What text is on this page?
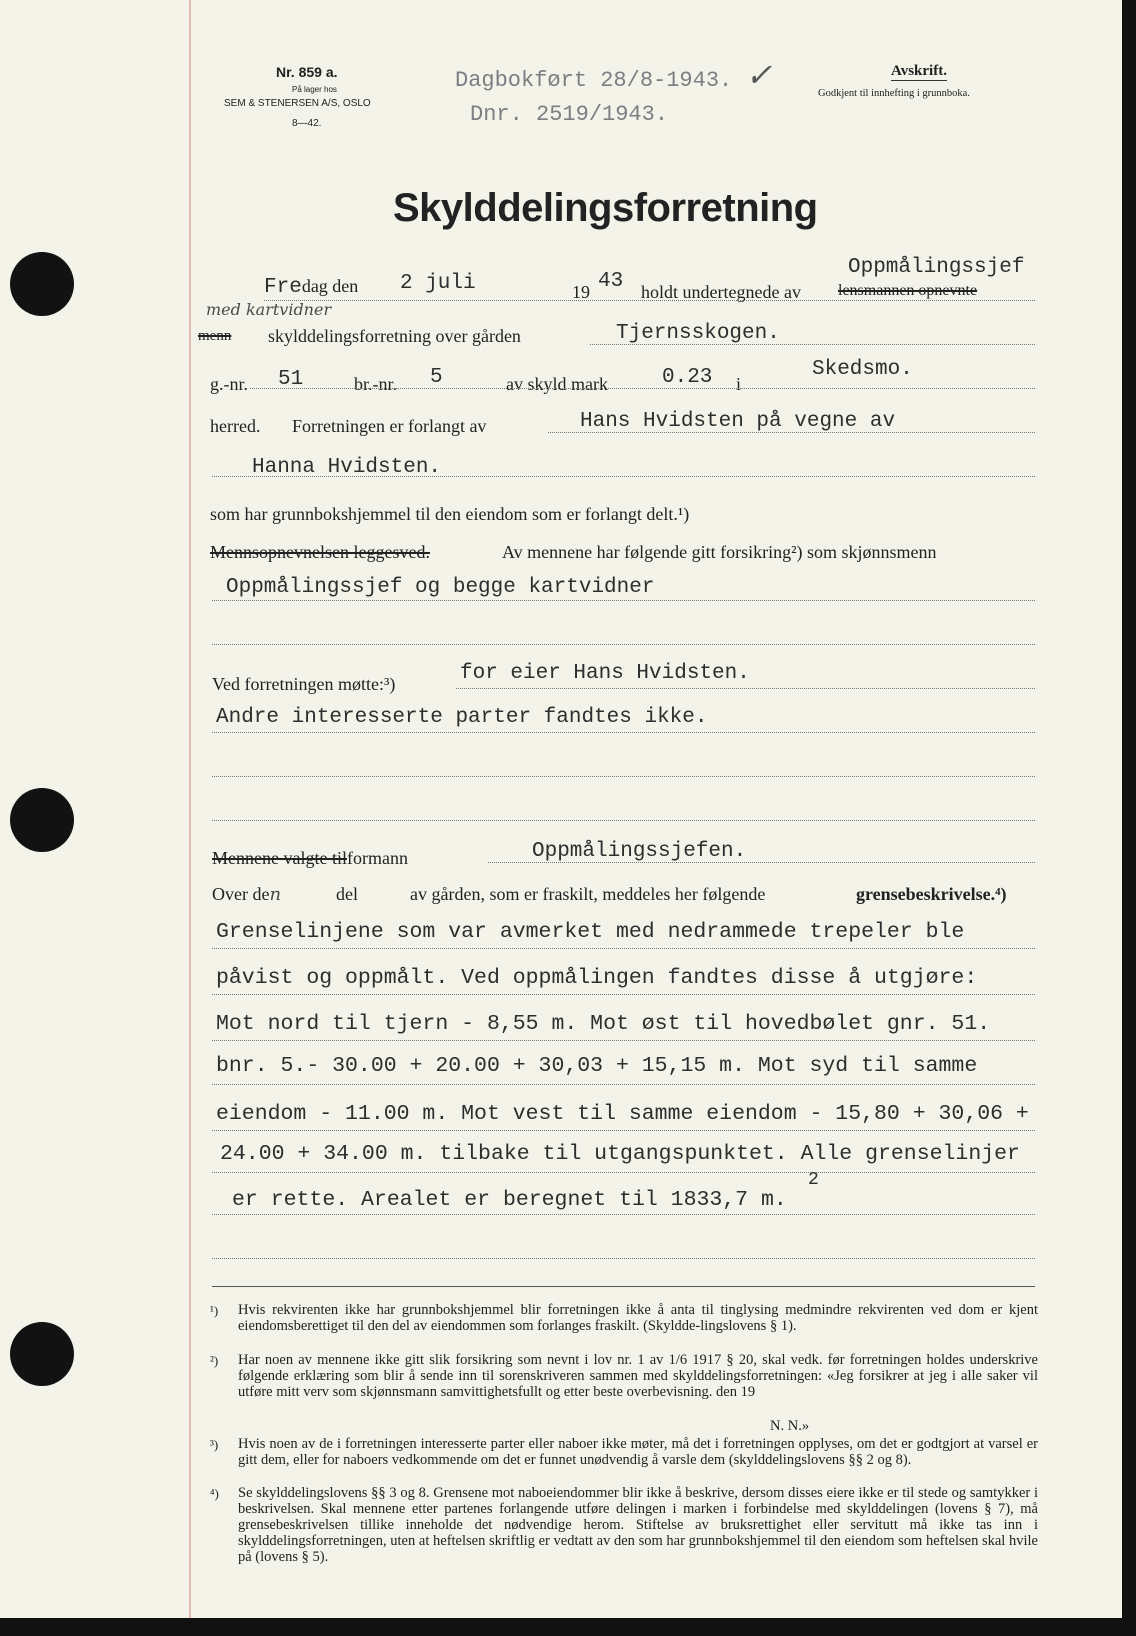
Nr. 859 a.
På lager hos
SEM & STENERSEN A/S, OSLO
8—42.
Dagbokført 28/8-1943. ✓
Dnr. 2519/1943.
Avskrift.
Godkjent til innhefting i grunnboka.
Skylddelingsforretning
Oppmålingssjef
Fredag den 2 juli	19 43 holdt undertegnede av lensmannen opnevnte
med kartvidner
menn skylddelingsforretning over gården	Tjernsskogen.
g.-nr. 51	br.-nr. 5	av skyld mark	0.23 i
Skedsmo.
herred. Forretningen er forlangt av	Hans Hvidsten på vegne av
Hanna Hvidsten.
som har grunnbokshjemmel til den eiendom som er forlangt delt.¹)
Mennsopnevnelsen leggesved.	Av mennene har følgende gitt forsikring²) som skjønnsmenn
Oppmålingssjef og begge kartvidner
Ved forretningen møtte:³)	for eier Hans Hvidsten.
Andre interesserte parter fandtes ikke.
Mennene valgte tilformann	Oppmålingssjefen.
Over den	del	av gården, som er fraskilt, meddeles her følgende	grensebeskrivelse.⁴)
Grenselinjene som var avmerket med nedrammede trepeler ble
påvist og oppmålt. Ved oppmålingen fandtes disse å utgjøre:
Mot nord til tjern - 8,55 m. Mot øst til hovedbølet gnr. 51.
bnr. 5.- 30.00 + 20.00 + 30,03 + 15,15 m. Mot syd til samme
eiendom - 11.00 m. Mot vest til samme eiendom - 15,80 + 30,06 +
24.00 + 34.00 m. tilbake til utgangspunktet. Alle grenselinjer
er rette. Arealet er beregnet til 1833,7 m.
2
¹) Hvis rekvirenten ikke har grunnbokshjemmel blir forretningen ikke å anta til tinglysing medmindre rekvirenten ved dom er kjent eiendomsberettiget til den del av eiendommen som forlanges fraskilt. (Skyldde-lingslovens § 1).
²) Har noen av mennene ikke gitt slik forsikring som nevnt i lov nr. 1 av 1/6 1917 § 20, skal vedk. før forretningen holdes underskrive følgende erklæring som blir å sende inn til sorenskriveren sammen med skylddelingsforretningen: «Jeg forsikrer at jeg i alle saker vil utføre mitt verv som skjønnsmann samvittighetsfullt og etter beste overbevisning. den 19
N. N.»
³) Hvis noen av de i forretningen interesserte parter eller naboer ikke møter, må det i forretningen opplyses, om det er godtgjort at varsel er gitt dem, eller for naboers vedkommende om det er funnet unødvendig å varsle dem (skylddelingslovens §§ 2 og 8).
⁴) Se skylddelingslovens §§ 3 og 8. Grensene mot naboeiendommer blir ikke å beskrive, dersom disses eiere ikke er til stede og samtykker i beskrivelsen. Skal mennene etter partenes forlangende utføre delingen i marken i forbindelse med skylddelingen (lovens § 7), må grensebeskrivelsen tillike inneholde det nødvendige herom. Stiftelse av bruksrettighet eller servitutt må ikke tas inn i skylddelingsforretningen, uten at heftelsen skriftlig er vedtatt av den som har grunnbokshjemmel til den eiendom som heftelsen skal hvile på (lovens § 5).
